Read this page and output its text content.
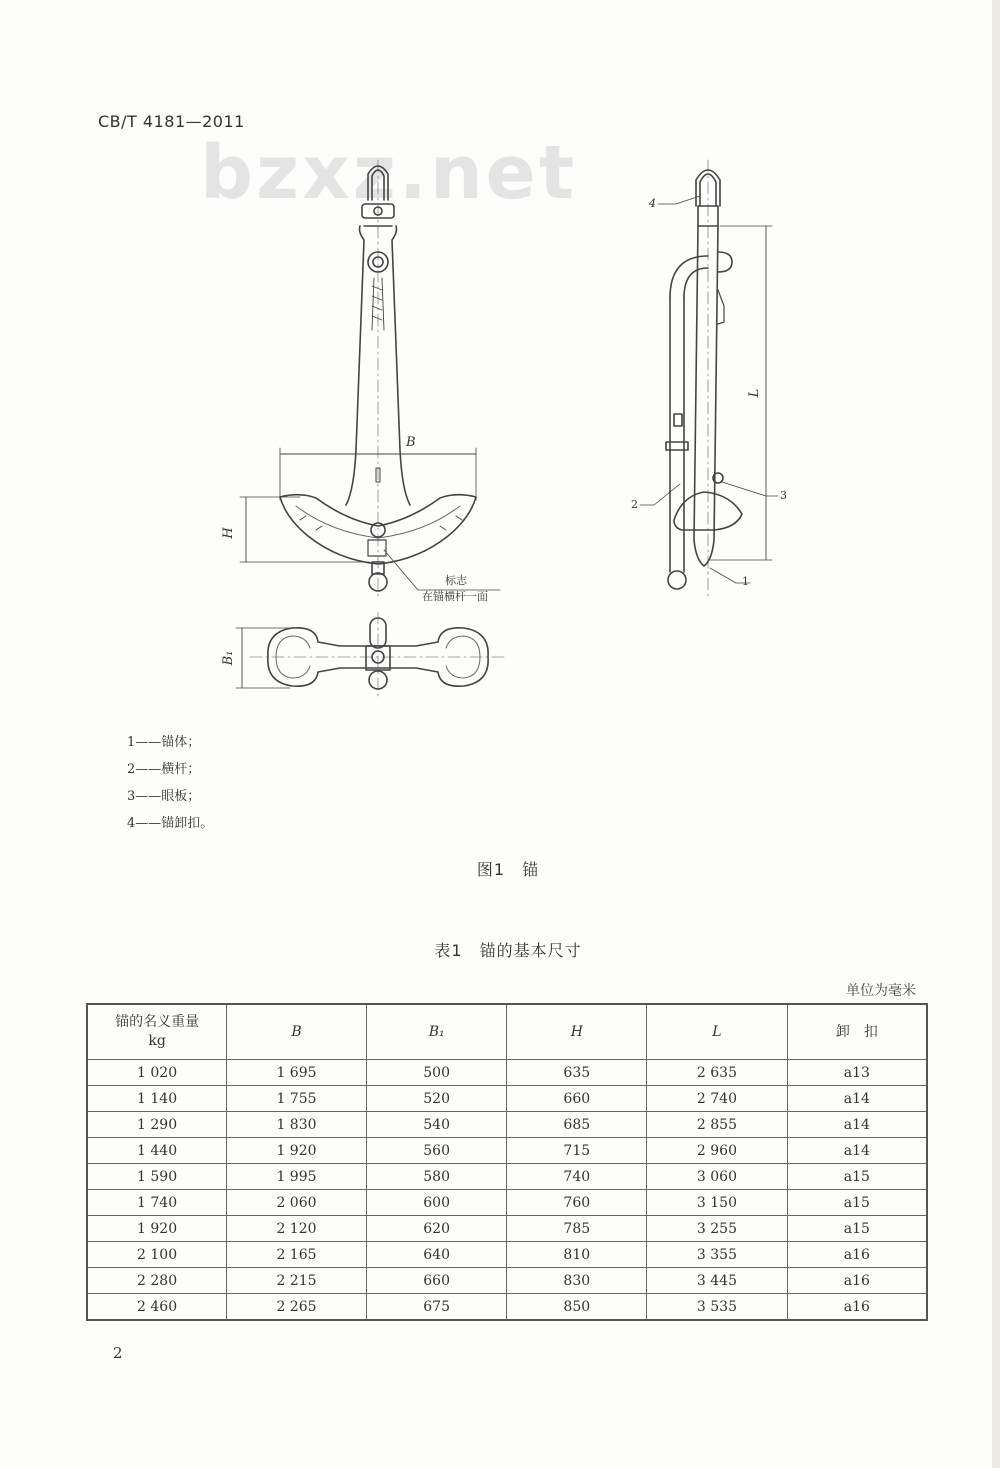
CB/T 4181—2011
bzxz.net
B
H
B₁
L
4
3
2
1
标志
在锚横杆一面
1——锚体；
2——横杆；
3——眼板；
4——锚卸扣。
图1　锚
表1　锚的基本尺寸
单位为毫米
锚的名义重量
kg	B	B₁	H	L	卸　扣
1 020	1 695	500	635	2 635	a13
1 140	1 755	520	660	2 740	a14
1 290	1 830	540	685	2 855	a14
1 440	1 920	560	715	2 960	a14
1 590	1 995	580	740	3 060	a15
1 740	2 060	600	760	3 150	a15
1 920	2 120	620	785	3 255	a15
2 100	2 165	640	810	3 355	a16
2 280	2 215	660	830	3 445	a16
2 460	2 265	675	850	3 535	a16
2
